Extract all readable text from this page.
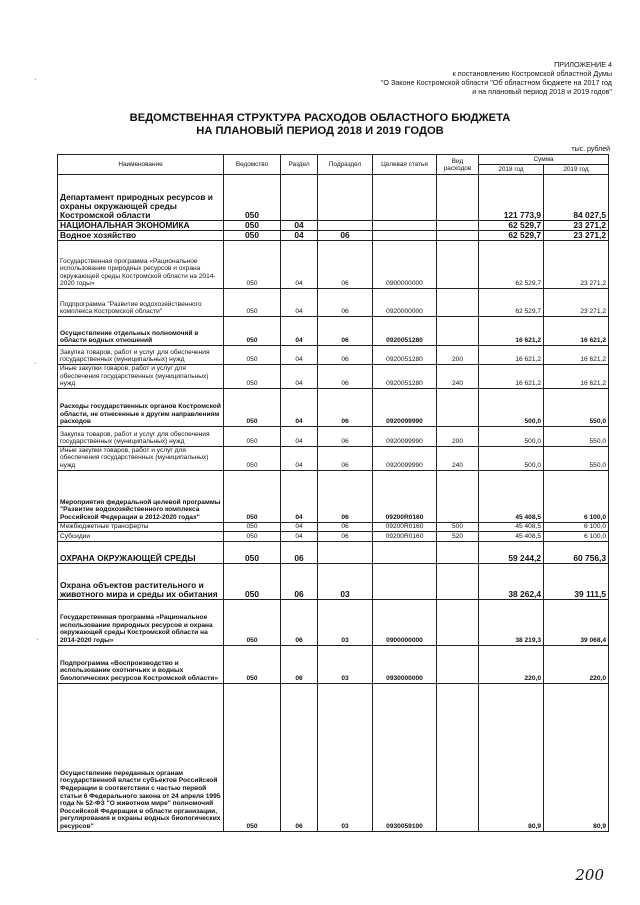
ПРИЛОЖЕНИЕ 4
к постановлению Костромской областной Думы
"О Законе Костромской области "Об областном бюджете на 2017 год
и на плановый период 2018 и 2019 годов"
ВЕДОМСТВЕННАЯ СТРУКТУРА РАСХОДОВ ОБЛАСТНОГО БЮДЖЕТА
НА ПЛАНОВЫЙ ПЕРИОД 2018 И 2019 ГОДОВ
тыс. рублей
ˋ
ˋ
ˋ
Наименование	Ведомство	Раздел	Подраздел	Целевая статья	Вид расходов	Сумма	
						2018 год	2019 год
Департамент природных ресурсов и охраны окружающей среды Костромской области	050					121 773,9	84 027,5
НАЦИОНАЛЬНАЯ ЭКОНОМИКА	050	04				62 529,7	23 271,2
Водное хозяйство	050	04	06			62 529,7	23 271,2
Государственная программа «Рациональное использование природных ресурсов и охрана окружающей среды Костромской области на 2014-2020 годы»	050	04	06	0900000000		62 529,7	23 271,2
Подпрограмма "Развитие водохозяйственного комплекса Костромской области"	050	04	06	0920000000		62 529,7	23 271,2
Осуществление отдельных полномочий в области водных отношений	050	04	06	0920051280		16 621,2	16 621,2
Закупка товаров, работ и услуг для обеспечения государственных (муниципальных) нужд	050	04	06	0920051280	200	16 621,2	16 621,2
Иные закупки товаров, работ и услуг для обеспечения государственных (муниципальных) нужд	050	04	06	0920051280	240	16 621,2	16 621,2
Расходы государственных органов Костромской области, не отнесенные к другим направлениям расходов	050	04	06	0920099990		500,0	550,0
Закупка товаров, работ и услуг для обеспечения государственных (муниципальных) нужд	050	04	06	0920099990	200	500,0	550,0
Иные закупки товаров, работ и услуг для обеспечения государственных (муниципальных) нужд	050	04	06	0920099990	240	500,0	550,0
Мероприятия федеральной целевой программы "Развитие водохозяйственного комплекса Российской Федерации в 2012-2020 годах"	050	04	06	09200R0160		45 408,5	6 100,0
Межбюджетные трансферты	050	04	06	09200R0160	500	45 408,5	6 100,0
Субсидии	050	04	06	09200R0160	520	45 408,5	6 100,0
ОХРАНА ОКРУЖАЮЩЕЙ СРЕДЫ	050	06				59 244,2	60 756,3
Охрана объектов растительного и животного мира и среды их обитания	050	06	03			38 262,4	39 111,5
Государственная программа «Рациональное использование природных ресурсов и охрана окружающей среды Костромской области на 2014-2020 годы»	050	06	03	0900000000		38 219,3	39 068,4
Подпрограмма «Воспроизводство и использование охотничьих и водных биологических ресурсов Костромской области»	050	06	03	0930000000		220,0	220,0
Осуществление переданных органам государственной власти субъектов Российской Федерации в соответствии с частью первой статьи 6 Федерального закона от 24 апреля 1995 года № 52-ФЗ "О животном мире" полномочий Российской Федерации в области организации, регулирования и охраны водных биологических ресурсов"	050	06	03	0930059100		80,9	80,9
200
